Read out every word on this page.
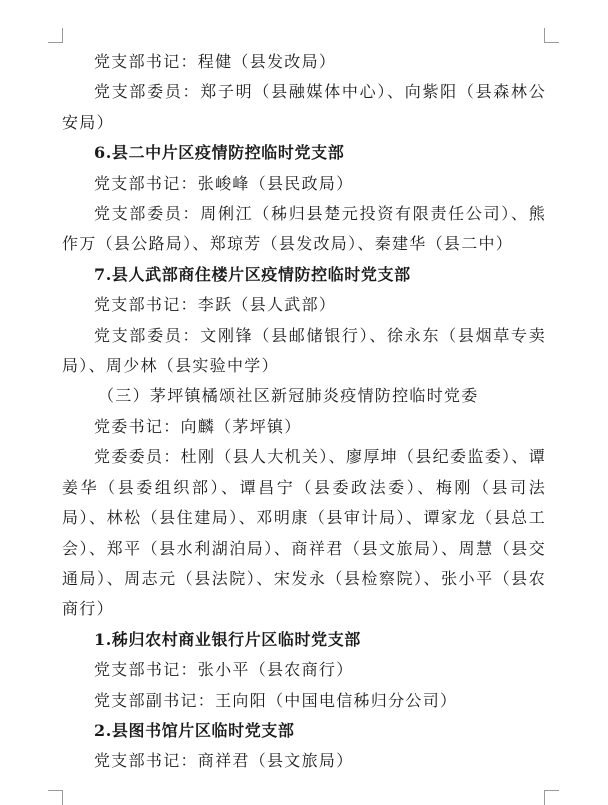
党支部书记：程健（县发改局）

党支部委员：郑子明（县融媒体中心）、向紫阳（县森林公安局）

6.县二中片区疫情防控临时党支部

党支部书记：张峻峰（县民政局）

党支部委员：周俐江（秭归县楚元投资有限责任公司）、熊作万（县公路局）、郑琼芳（县发改局）、秦建华（县二中）

7.县人武部商住楼片区疫情防控临时党支部

党支部书记：李跃（县人武部）

党支部委员：文刚锋（县邮储银行）、徐永东（县烟草专卖局）、周少林（县实验中学）

（三）茅坪镇橘颂社区新冠肺炎疫情防控临时党委

党委书记：向麟（茅坪镇）

党委委员：杜刚（县人大机关）、廖厚坤（县纪委监委）、谭姜华（县委组织部）、谭昌宁（县委政法委）、梅刚（县司法局）、林松（县住建局）、邓明康（县审计局）、谭家龙（县总工会）、郑平（县水利湖泊局）、商祥君（县文旅局）、周慧（县交通局）、周志元（县法院）、宋发永（县检察院）、张小平（县农商行）

1.秭归农村商业银行片区临时党支部

党支部书记：张小平（县农商行）

党支部副书记：王向阳（中国电信秭归分公司）

2.县图书馆片区临时党支部

党支部书记：商祥君（县文旅局）
